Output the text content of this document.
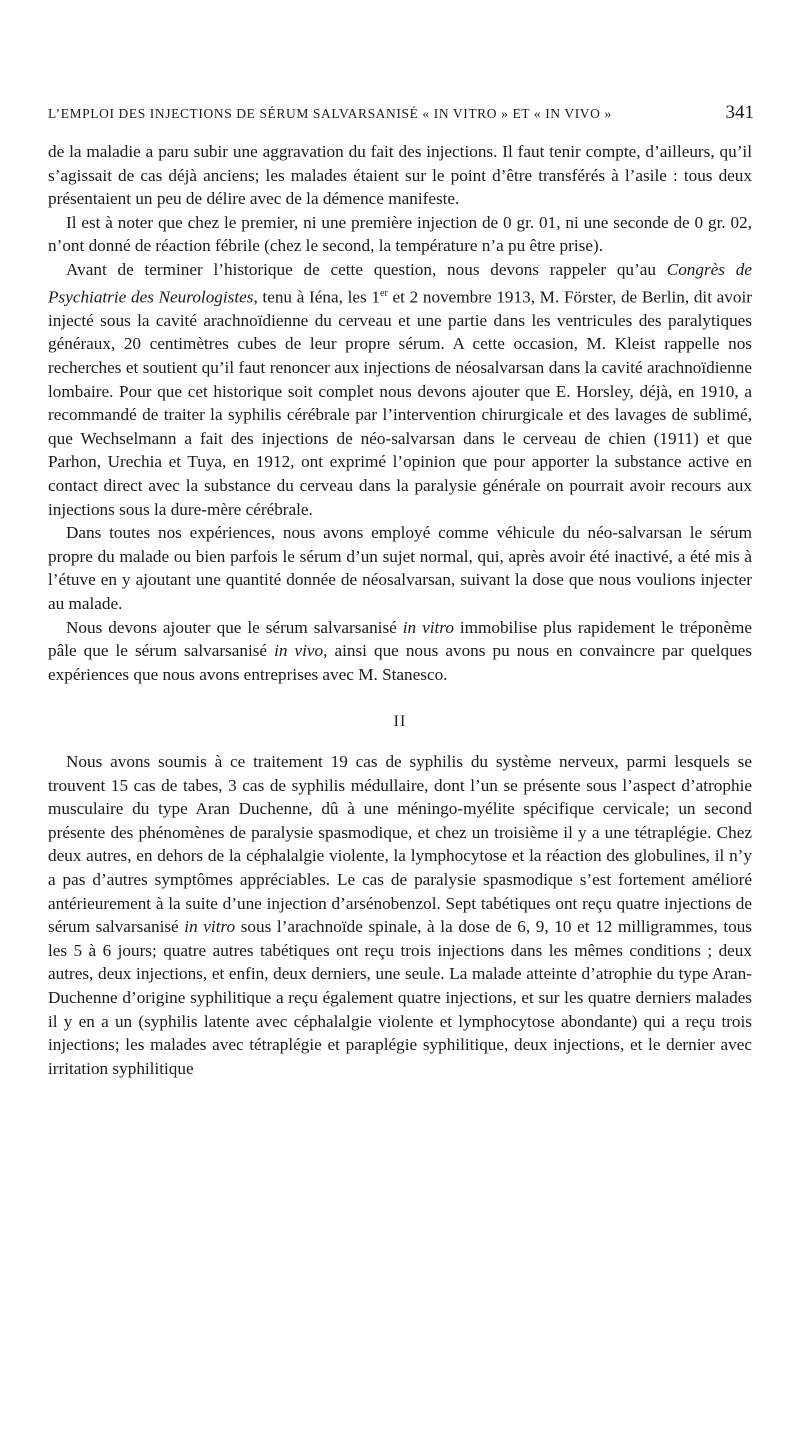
L’EMPLOI DES INJECTIONS DE SÉRUM SALVARSANISÉ « IN VITRO » ET « IN VIVO »	341

de la maladie a paru subir une aggravation du fait des injections. Il faut tenir compte, d’ailleurs, qu’il s’agissait de cas déjà anciens; les malades étaient sur le point d’être transférés à l’asile : tous deux présentaient un peu de délire avec de la démence manifeste.

Il est à noter que chez le premier, ni une première injection de 0 gr. 01, ni une seconde de 0 gr. 02, n’ont donné de réaction fébrile (chez le second, la température n’a pu être prise).

Avant de terminer l’historique de cette question, nous devons rappeler qu’au Congrès de Psychiatrie des Neurologistes, tenu à Iéna, les 1er et 2 novembre 1913, M. Förster, de Berlin, dit avoir injecté sous la cavité arachnoïdienne du cerveau et une partie dans les ventricules des paralytiques généraux, 20 centimètres cubes de leur propre sérum. A cette occasion, M. Kleist rappelle nos recherches et soutient qu’il faut renoncer aux injections de néosalvarsan dans la cavité arachnoïdienne lombaire. Pour que cet historique soit complet nous devons ajouter que E. Horsley, déjà, en 1910, a recommandé de traiter la syphilis cérébrale par l’intervention chirurgicale et des lavages de sublimé, que Wechselmann a fait des injections de néo-salvarsan dans le cerveau de chien (1911) et que Parhon, Urechia et Tuya, en 1912, ont exprimé l’opinion que pour apporter la substance active en contact direct avec la substance du cerveau dans la paralysie générale on pourrait avoir recours aux injections sous la dure-mère cérébrale.

Dans toutes nos expériences, nous avons employé comme véhicule du néo-salvarsan le sérum propre du malade ou bien parfois le sérum d’un sujet normal, qui, après avoir été inactivé, a été mis à l’étuve en y ajoutant une quantité donnée de néosalvarsan, suivant la dose que nous voulions injecter au malade.

Nous devons ajouter que le sérum salvarsanisé in vitro immobilise plus rapidement le tréponème pâle que le sérum salvarsanisé in vivo, ainsi que nous avons pu nous en convaincre par quelques expériences que nous avons entreprises avec M. Stanesco.

II

Nous avons soumis à ce traitement 19 cas de syphilis du système nerveux, parmi lesquels se trouvent 15 cas de tabes, 3 cas de syphilis médullaire, dont l’un se présente sous l’aspect d’atrophie musculaire du type Aran Duchenne, dû à une méningo-myélite spécifique cervicale; un second présente des phénomènes de paralysie spasmodique, et chez un troisième il y a une tétraplégie. Chez deux autres, en dehors de la céphalalgie violente, la lymphocytose et la réaction des globulines, il n’y a pas d’autres symptômes appréciables. Le cas de paralysie spasmodique s’est fortement amélioré antérieurement à la suite d’une injection d’arsénobenzol. Sept tabétiques ont reçu quatre injections de sérum salvarsanisé in vitro sous l’arachnoïde spinale, à la dose de 6, 9, 10 et 12 milligrammes, tous les 5 à 6 jours; quatre autres tabétiques ont reçu trois injections dans les mêmes conditions ; deux autres, deux injections, et enfin, deux derniers, une seule. La malade atteinte d’atrophie du type Aran-Duchenne d’origine syphilitique a reçu également quatre injections, et sur les quatre derniers malades il y en a un (syphilis latente avec céphalalgie violente et lymphocytose abondante) qui a reçu trois injections; les malades avec tétraplégie et paraplégie syphilitique, deux injections, et le dernier avec irritation syphilitique
